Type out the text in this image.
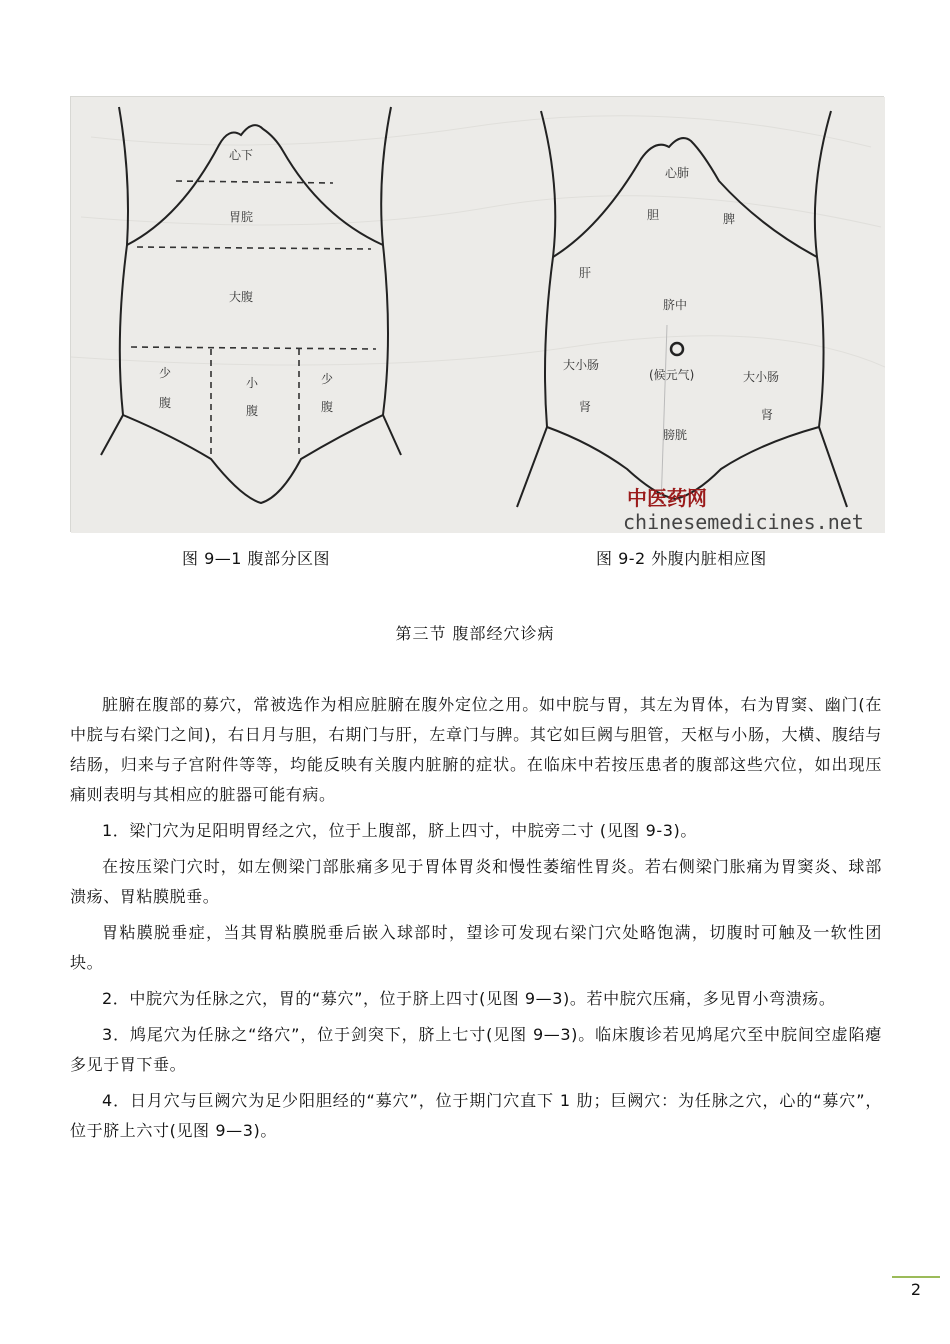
心下
胃脘
大腹
少
腹
小
腹
少
腹
心肺
胆	脾
肝
脐中
大小肠
肾
(候元气)	大小肠
肾
膀胱
中医药网
chinesemedicines.net
图 9—1 腹部分区图	图 9-2 外腹内脏相应图
第三节 腹部经穴诊病

脏腑在腹部的募穴，常被选作为相应脏腑在腹外定位之用。如中脘与胃，其左为胃体，右为胃窦、幽门(在中脘与右梁门之间)，右日月与胆，右期门与肝，左章门与脾。其它如巨阙与胆管，天枢与小肠，大横、腹结与结肠，归来与子宫附件等等，均能反映有关腹内脏腑的症状。在临床中若按压患者的腹部这些穴位，如出现压痛则表明与其相应的脏器可能有病。

1．梁门穴为足阳明胃经之穴，位于上腹部，脐上四寸，中脘旁二寸 (见图 9-3)。

在按压梁门穴时，如左侧梁门部胀痛多见于胃体胃炎和慢性萎缩性胃炎。若右侧梁门胀痛为胃窦炎、球部溃疡、胃粘膜脱垂。

胃粘膜脱垂症，当其胃粘膜脱垂后嵌入球部时，望诊可发现右梁门穴处略饱满，切腹时可触及一软性团块。

2．中脘穴为任脉之穴，胃的“募穴”，位于脐上四寸(见图 9—3)。若中脘穴压痛，多见胃小弯溃疡。

3．鸠尾穴为任脉之“络穴”，位于剑突下，脐上七寸(见图 9—3)。临床腹诊若见鸠尾穴至中脘间空虚陷瘪多见于胃下垂。

4．日月穴与巨阙穴为足少阳胆经的“募穴”，位于期门穴直下 1 肋；巨阙穴：为任脉之穴，心的“募穴”，位于脐上六寸(见图 9—3)。

2
